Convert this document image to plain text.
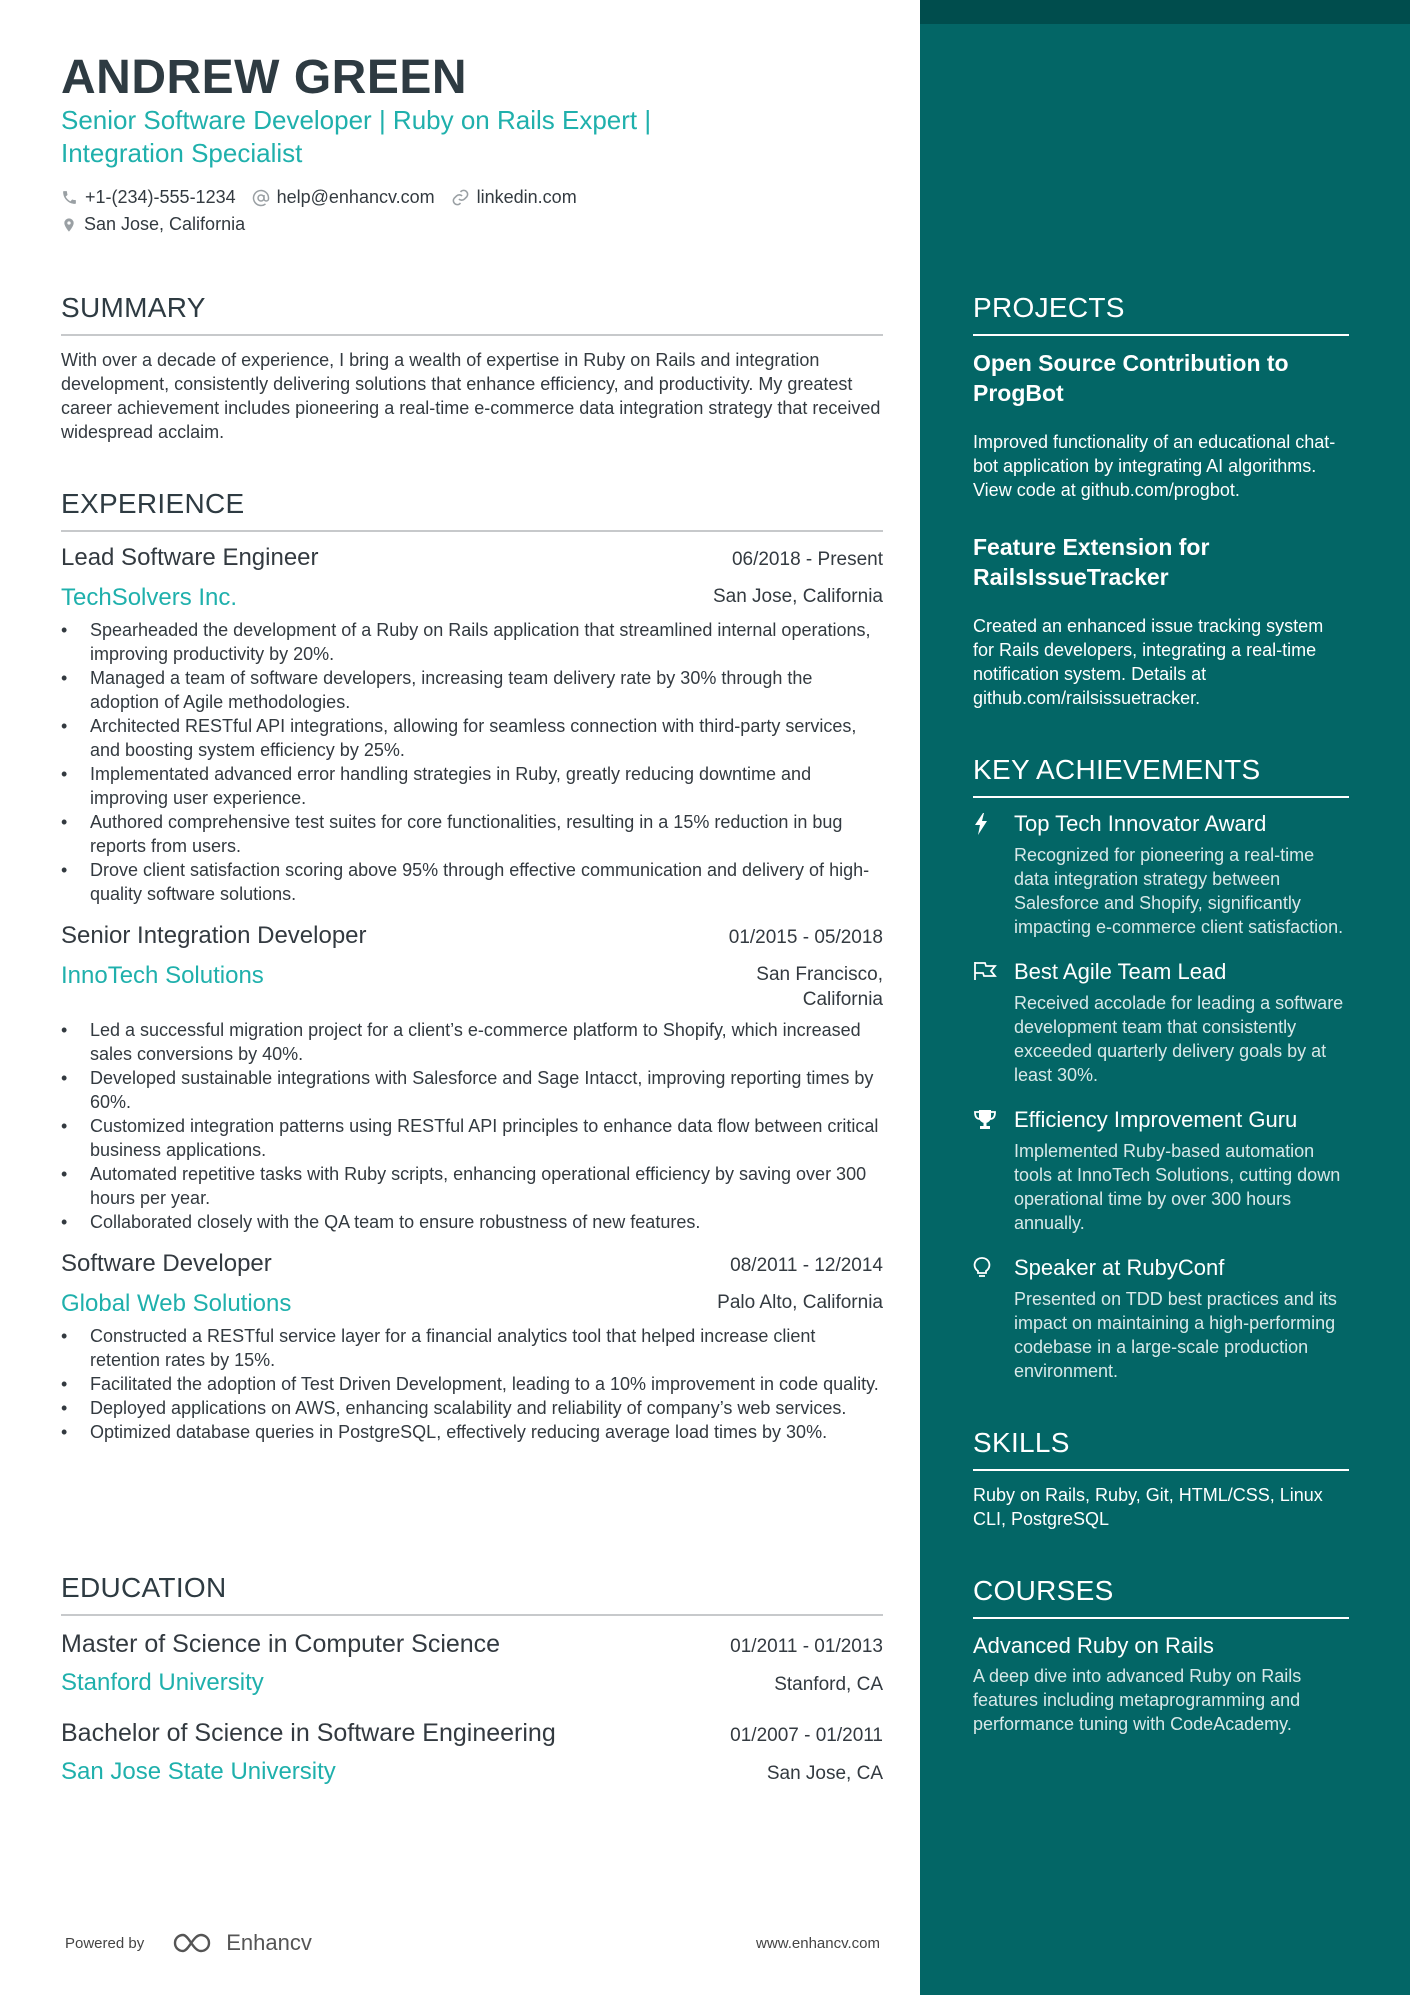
ANDREW GREEN
Senior Software Developer | Ruby on Rails Expert | Integration Specialist
+1-(234)-555-1234 help@enhancv.com linkedin.com
San Jose, California
SUMMARY
With over a decade of experience, I bring a wealth of expertise in Ruby on Rails and integration development, consistently delivering solutions that enhance efficiency, and productivity. My greatest career achievement includes pioneering a real-time e-commerce data integration strategy that received widespread acclaim.
EXPERIENCE
Lead Software Engineer	06/2018 - Present
TechSolvers Inc.	San Jose, California
• Spearheaded the development of a Ruby on Rails application that streamlined internal operations, improving productivity by 20%.
• Managed a team of software developers, increasing team delivery rate by 30% through the adoption of Agile methodologies.
• Architected RESTful API integrations, allowing for seamless connection with third-party services, and boosting system efficiency by 25%.
• Implementated advanced error handling strategies in Ruby, greatly reducing downtime and improving user experience.
• Authored comprehensive test suites for core functionalities, resulting in a 15% reduction in bug reports from users.
• Drove client satisfaction scoring above 95% through effective communication and delivery of high-quality software solutions.
Senior Integration Developer	01/2015 - 05/2018
InnoTech Solutions	San Francisco, California
• Led a successful migration project for a client’s e-commerce platform to Shopify, which increased sales conversions by 40%.
• Developed sustainable integrations with Salesforce and Sage Intacct, improving reporting times by 60%.
• Customized integration patterns using RESTful API principles to enhance data flow between critical business applications.
• Automated repetitive tasks with Ruby scripts, enhancing operational efficiency by saving over 300 hours per year.
• Collaborated closely with the QA team to ensure robustness of new features.
Software Developer	08/2011 - 12/2014
Global Web Solutions	Palo Alto, California
• Constructed a RESTful service layer for a financial analytics tool that helped increase client retention rates by 15%.
• Facilitated the adoption of Test Driven Development, leading to a 10% improvement in code quality.
• Deployed applications on AWS, enhancing scalability and reliability of company’s web services.
• Optimized database queries in PostgreSQL, effectively reducing average load times by 30%.
EDUCATION
Master of Science in Computer Science	01/2011 - 01/2013
Stanford University	Stanford, CA
Bachelor of Science in Software Engineering	01/2007 - 01/2011
San Jose State University	San Jose, CA
Powered by	Enhancv	www.enhancv.com
PROJECTS
Open Source Contribution to ProgBot
Improved functionality of an educational chat-bot application by integrating AI algorithms. View code at github.com/progbot.
Feature Extension for RailsIssueTracker
Created an enhanced issue tracking system for Rails developers, integrating a real-time notification system. Details at github.com/railsissuetracker.
KEY ACHIEVEMENTS
Top Tech Innovator Award
Recognized for pioneering a real-time data integration strategy between Salesforce and Shopify, significantly impacting e-commerce client satisfaction.
Best Agile Team Lead
Received accolade for leading a software development team that consistently exceeded quarterly delivery goals by at least 30%.
Efficiency Improvement Guru
Implemented Ruby-based automation tools at InnoTech Solutions, cutting down operational time by over 300 hours annually.
Speaker at RubyConf
Presented on TDD best practices and its impact on maintaining a high-performing codebase in a large-scale production environment.
SKILLS
Ruby on Rails, Ruby, Git, HTML/CSS, Linux CLI, PostgreSQL
COURSES
Advanced Ruby on Rails
A deep dive into advanced Ruby on Rails features including metaprogramming and performance tuning with CodeAcademy.
